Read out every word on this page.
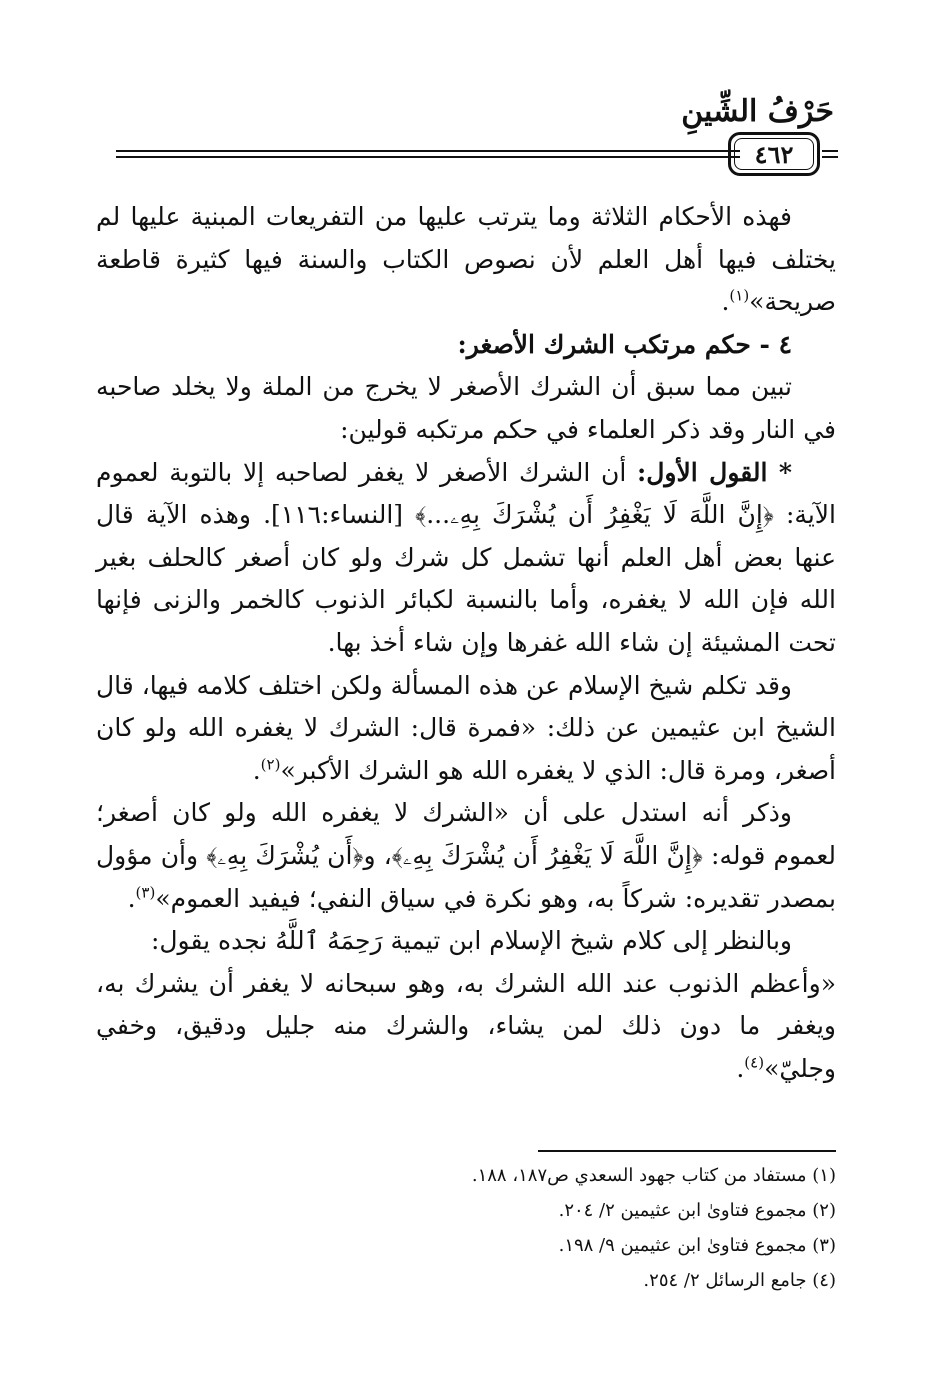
حَرْفُ الشِّينِ
٤٦٢

فهذه الأحكام الثلاثة وما يترتب عليها من التفريعات المبنية عليها لم يختلف فيها أهل العلم لأن نصوص الكتاب والسنة فيها كثيرة قاطعة صريحة»$^{(١)}$.

٤ - حكم مرتكب الشرك الأصغر:

تبين مما سبق أن الشرك الأصغر لا يخرج من الملة ولا يخلد صاحبه في النار وقد ذكر العلماء في حكم مرتكبه قولين:

* القول الأول: أن الشرك الأصغر لا يغفر لصاحبه إلا بالتوبة لعموم الآية: ﴿إِنَّ اللَّهَ لَا يَغْفِرُ أَن يُشْرَكَ بِهِۦ...﴾ [النساء:١١٦]. وهذه الآية قال عنها بعض أهل العلم أنها تشمل كل شرك ولو كان أصغر كالحلف بغير الله فإن الله لا يغفره، وأما بالنسبة لكبائر الذنوب كالخمر والزنى فإنها تحت المشيئة إن شاء الله غفرها وإن شاء أخذ بها.

وقد تكلم شيخ الإسلام عن هذه المسألة ولكن اختلف كلامه فيها، قال الشيخ ابن عثيمين عن ذلك: «فمرة قال: الشرك لا يغفره الله ولو كان أصغر، ومرة قال: الذي لا يغفره الله هو الشرك الأكبر»$^{(٢)}$.

وذكر أنه استدل على أن «الشرك لا يغفره الله ولو كان أصغر؛ لعموم قوله: ﴿إِنَّ اللَّهَ لَا يَغْفِرُ أَن يُشْرَكَ بِهِۦ﴾، و﴿أَن يُشْرَكَ بِهِۦ﴾ وأن مؤول بمصدر تقديره: شركاً به، وهو نكرة في سياق النفي؛ فيفيد العموم»$^{(٣)}$.

وبالنظر إلى كلام شيخ الإسلام ابن تيمية رَحِمَهُ ٱللَّهُ نجده يقول:

«وأعظم الذنوب عند الله الشرك به، وهو سبحانه لا يغفر أن يشرك به، ويغفر ما دون ذلك لمن يشاء، والشرك منه جليل ودقيق، وخفي وجليّ»$^{(٤)}$.

(١) مستفاد من كتاب جهود السعدي ص١٨٧، ١٨٨.

(٢) مجموع فتاوىٰ ابن عثيمين ٢/ ٢٠٤.

(٣) مجموع فتاوىٰ ابن عثيمين ٩/ ١٩٨.

(٤) جامع الرسائل ٢/ ٢٥٤.
